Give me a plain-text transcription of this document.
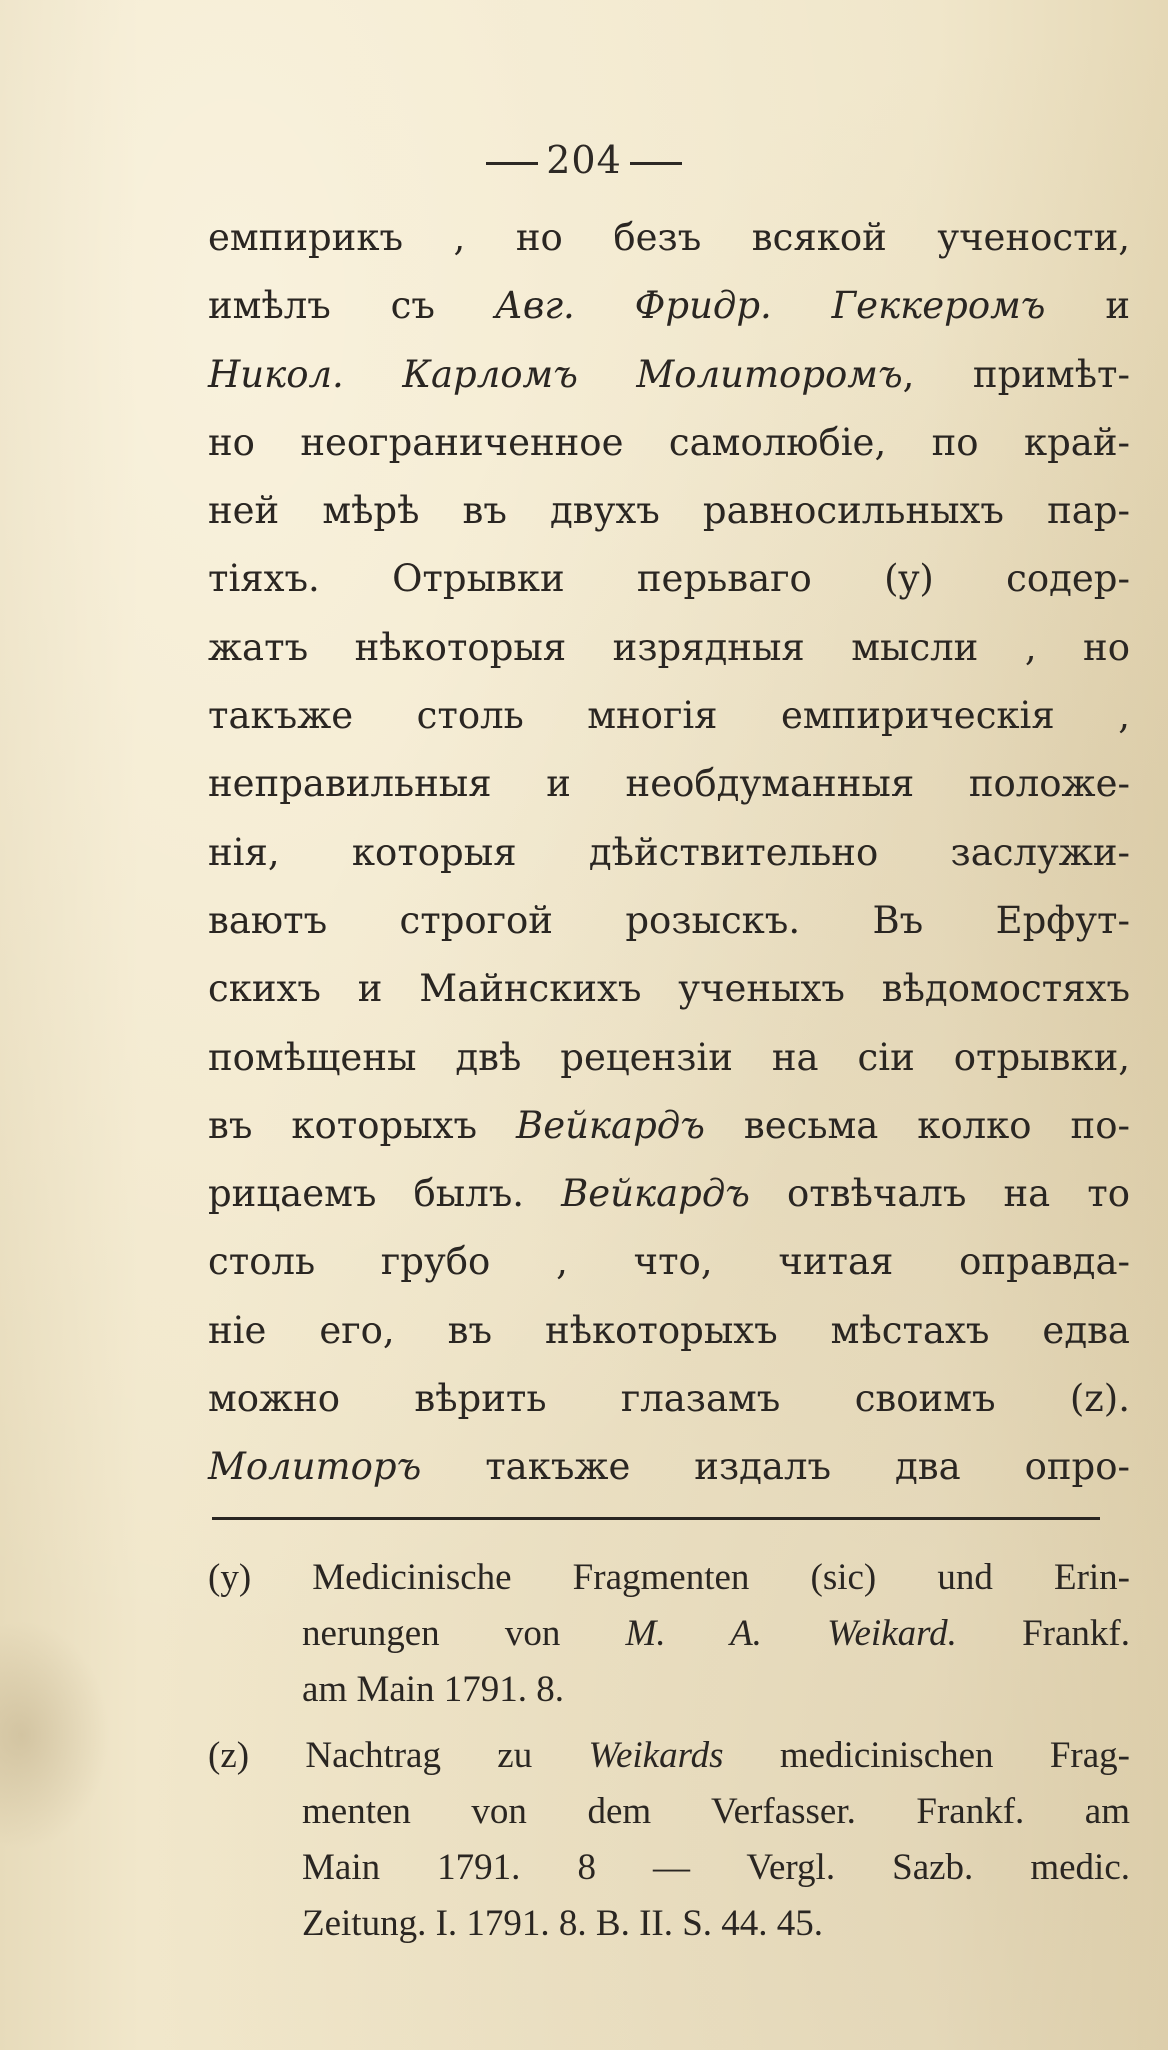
204
емпирикъ , но безъ всякой учености,
имѣлъ съ Авг. Фридр. Геккеромъ и
Никол. Карломъ Молиторомъ, примѣт-
но неограниченное самолюбіе, по край-
ней мѣрѣ въ двухъ равносильныхъ пар-
тіяхъ. Отрывки перьваго (y) содер-
жатъ нѣкоторыя изрядныя мысли , но
такъже столь многія емпирическія ,
неправильныя и необдуманныя положе-
нія, которыя дѣйствительно заслужи-
ваютъ строгой розыскъ. Въ Ерфут-
скихъ и Майнскихъ ученыхъ вѣдомостяхъ
помѣщены двѣ рецензіи на сіи отрывки,
въ которыхъ Вейкардъ весьма колко по-
рицаемъ былъ. Вейкардъ отвѣчалъ на то
столь грубо , что, читая оправда-
ніе его, въ нѣкоторыхъ мѣстахъ едва
можно вѣрить глазамъ своимъ (z).
Молиторъ такъже издалъ два опро-
(y) Medicinische Fragmenten (sic) und Erin-
nerungen von M. A. Weikard. Frankf.
am Main 1791. 8.
(z) Nachtrag zu Weikards medicinischen Frag-
menten von dem Verfasser. Frankf. am
Main 1791. 8 — Vergl. Sazb. medic.
Zeitung. I. 1791. 8. B. II. S. 44. 45.
